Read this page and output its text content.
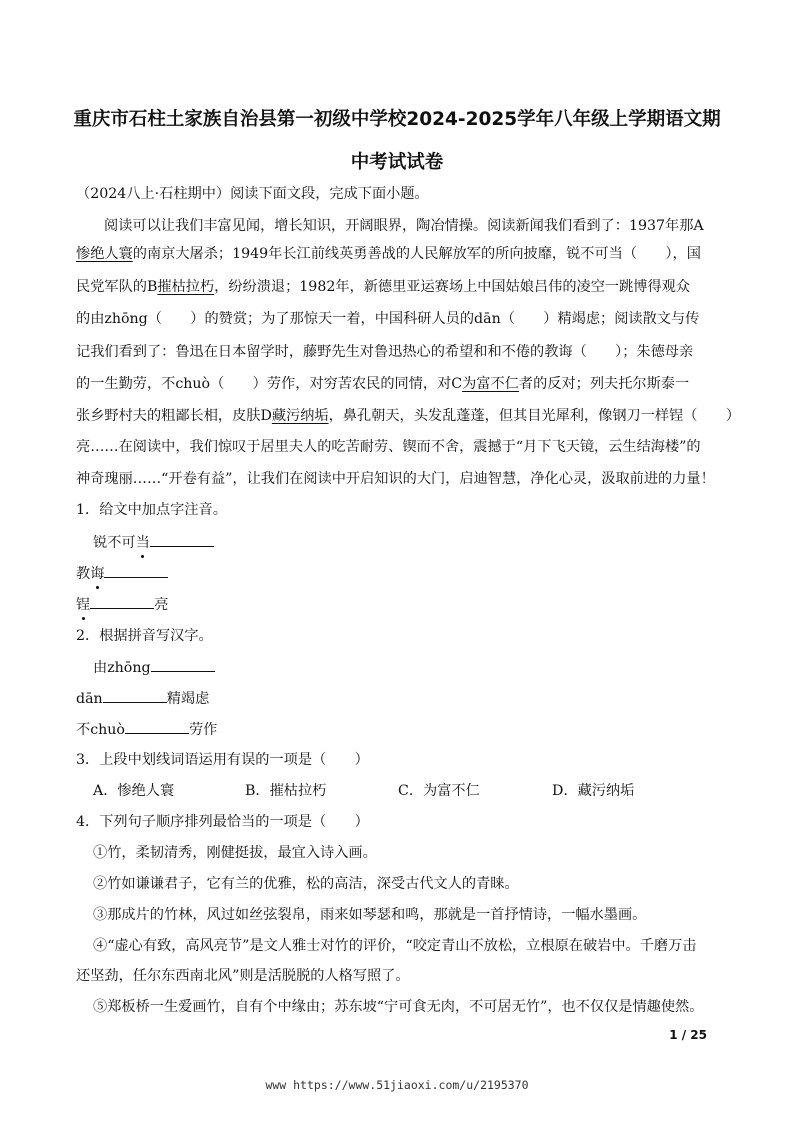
重庆市石柱土家族自治县第一初级中学校2024-2025学年八年级上学期语文期
中考试试卷
（2024八上·石柱期中）阅读下面文段，完成下面小题。
阅读可以让我们丰富见闻，增长知识，开阔眼界，陶冶情操。阅读新闻我们看到了：1937年那A
惨绝人寰的南京大屠杀；1949年长江前线英勇善战的人民解放军的所向披靡，锐不可当（　　），国
民党军队的B摧枯拉朽，纷纷溃退；1982年，新德里亚运赛场上中国姑娘吕伟的凌空一跳博得观众
的由zhōng（　　）的赞赏；为了那惊天一着，中国科研人员的dān（　　）精竭虑；阅读散文与传
记我们看到了：鲁迅在日本留学时，藤野先生对鲁迅热心的希望和和不倦的教诲（　　）；朱德母亲
的一生勤劳，不chuò（　　）劳作，对穷苦农民的同情，对C为富不仁者的反对；列夫托尔斯泰一
张乡野村夫的粗鄙长相，皮肤D藏污纳垢，鼻孔朝天，头发乱蓬蓬，但其目光犀利，像钢刀一样锃（　　）
亮……在阅读中，我们惊叹于居里夫人的吃苦耐劳、锲而不舍，震撼于“月下飞天镜，云生结海楼”的
神奇瑰丽……“开卷有益”，让我们在阅读中开启知识的大门，启迪智慧，净化心灵，汲取前进的力量！
1．给文中加点字注音。
锐不可当
教诲
锃	亮
2．根据拼音写汉字。
由zhōng
dān	精竭虑
不chuò	劳作
3．上段中划线词语运用有误的一项是（　　）
A．惨绝人寰	B．摧枯拉朽	C．为富不仁	D．藏污纳垢
4．下列句子顺序排列最恰当的一项是（　　）
①竹，柔韧清秀，刚健挺拔，最宜入诗入画。
②竹如谦谦君子，它有兰的优雅，松的高洁，深受古代文人的青睐。
③那成片的竹林，风过如丝弦裂帛，雨来如琴瑟和鸣，那就是一首抒情诗，一幅水墨画。
④“虚心有致，高风亮节”是文人雅士对竹的评价，“咬定青山不放松，立根原在破岩中。千磨万击
还坚劲，任尔东西南北风”则是活脱脱的人格写照了。
⑤郑板桥一生爱画竹，自有个中缘由；苏东坡“宁可食无肉，不可居无竹”，也不仅仅是情趣使然。
1 / 25
www https://www.51jiaoxi.com/u/2195370
